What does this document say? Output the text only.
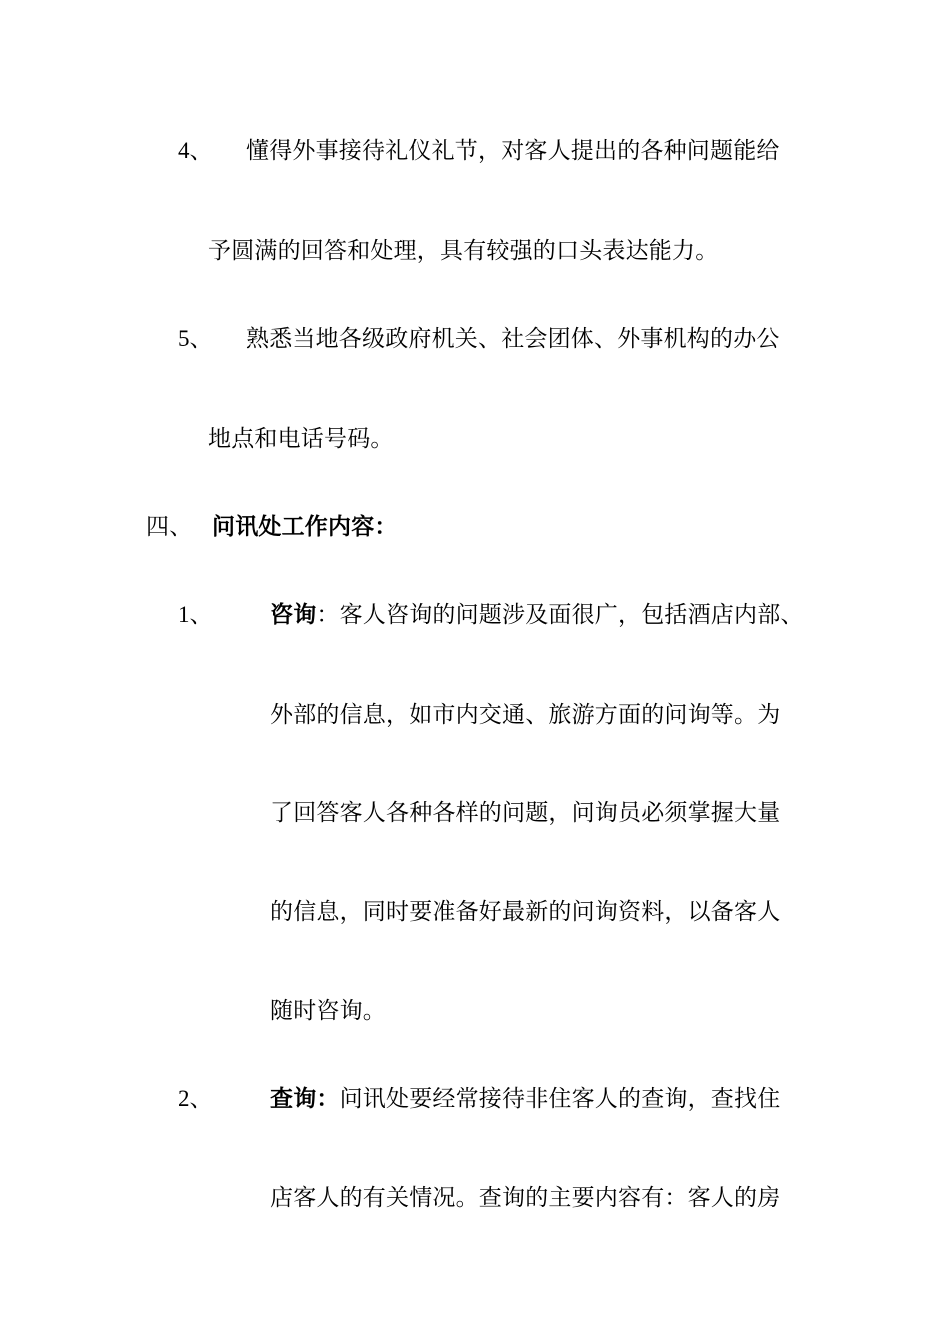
4、 懂得外事接待礼仪礼节，对客人提出的各种问题能给
予圆满的回答和处理，具有较强的口头表达能力。
5、 熟悉当地各级政府机关、社会团体、外事机构的办公
地点和电话号码。
四、 问讯处工作内容：
1、	咨询：客人咨询的问题涉及面很广，包括酒店内部、
外部的信息，如市内交通、旅游方面的问询等。为
了回答客人各种各样的问题，问询员必须掌握大量
的信息，同时要准备好最新的问询资料，以备客人
随时咨询。
2、	查询：问讯处要经常接待非住客人的查询，查找住
店客人的有关情况。查询的主要内容有：客人的房
